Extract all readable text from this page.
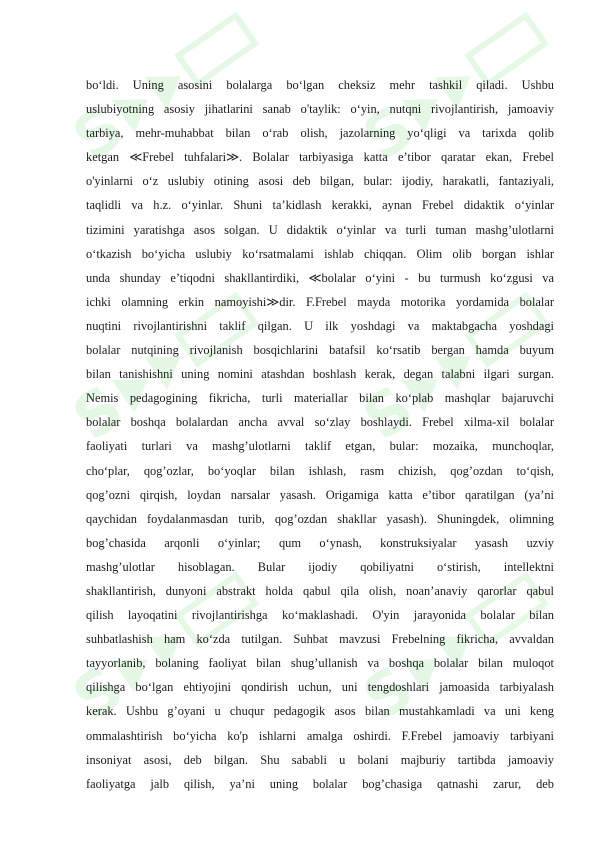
S
S
S
S
S
S
bo‘ldi. Uning asosini bolalarga bo‘lgan cheksiz mehr tashkil qiladi. Ushbu
uslubiyotning asosiy jihatlarini sanab o'taylik: o‘yin, nutqni rivojlantirish, jamoaviy
tarbiya, mehr-muhabbat bilan o‘rab olish, jazolarning yo‘qligi va tarixda qolib
ketgan ≪Frebel tuhfalari≫. Bolalar tarbiyasiga katta e’tibor qaratar ekan, Frebel
o'yinlarni o‘z uslubiy otining asosi deb bilgan, bular: ijodiy, harakatli, fantaziyali,
taqlidli va h.z. o‘yinlar. Shuni ta’kidlash kerakki, aynan Frebel didaktik o‘yinlar
tizimini yaratishga asos solgan. U didaktik o‘yinlar va turli tuman mashg’ulotlarni
o‘tkazish bo‘yicha uslubiy ko‘rsatmalami ishlab chiqqan. Olim olib borgan ishlar
unda shunday e’tiqodni shakllantirdiki, ≪bolalar o‘yini - bu turmush ko‘zgusi va
ichki olamning erkin namoyishi≫dir. F.Frebel mayda motorika yordamida bolalar
nuqtini rivojlantirishni taklif qilgan. U ilk yoshdagi va maktabgacha yoshdagi
bolalar nutqining rivojlanish bosqichlarini batafsil ko‘rsatib bergan hamda buyum
bilan tanishishni uning nomini atashdan boshlash kerak, degan talabni ilgari surgan.
Nemis pedagogining fikricha, turli materiallar bilan ko‘plab mashqlar bajaruvchi
bolalar boshqa bolalardan ancha avval so‘zlay boshlaydi. Frebel xilma-xil bolalar
faoliyati turlari va mashg’ulotlarni taklif etgan, bular: mozaika, munchoqlar,
cho‘plar, qog’ozlar, bo‘yoqlar bilan ishlash, rasm chizish, qog’ozdan to‘qish,
qog’ozni qirqish, loydan narsalar yasash. Origamiga katta e’tibor qaratilgan (ya’ni
qaychidan foydalanmasdan turib, qog’ozdan shakllar yasash). Shuningdek, olimning
bog’chasida arqonli o‘yinlar; qum o‘ynash, konstruksiyalar yasash uzviy
mashg’ulotlar hisoblagan. Bular ijodiy qobiliyatni o‘stirish, intellektni
shakllantirish, dunyoni abstrakt holda qabul qila olish, noan’anaviy qarorlar qabul
qilish layoqatini rivojlantirishga ko‘maklashadi. O'yin jarayonida bolalar bilan
suhbatlashish ham ko‘zda tutilgan. Suhbat mavzusi Frebelning fikricha, avvaldan
tayyorlanib, bolaning faoliyat bilan shug’ullanish va boshqa bolalar bilan muloqot
qilishga bo‘lgan ehtiyojini qondirish uchun, uni tengdoshlari jamoasida tarbiyalash
kerak. Ushbu g’oyani u chuqur pedagogik asos bilan mustahkamladi va uni keng
ommalashtirish bo‘yicha ko'p ishlarni amalga oshirdi. F.Frebel jamoaviy tarbiyani
insoniyat asosi, deb bilgan. Shu sababli u bolani majburiy tartibda jamoaviy
faoliyatga jalb qilish, ya’ni uning bolalar bog’chasiga qatnashi zarur, deb
